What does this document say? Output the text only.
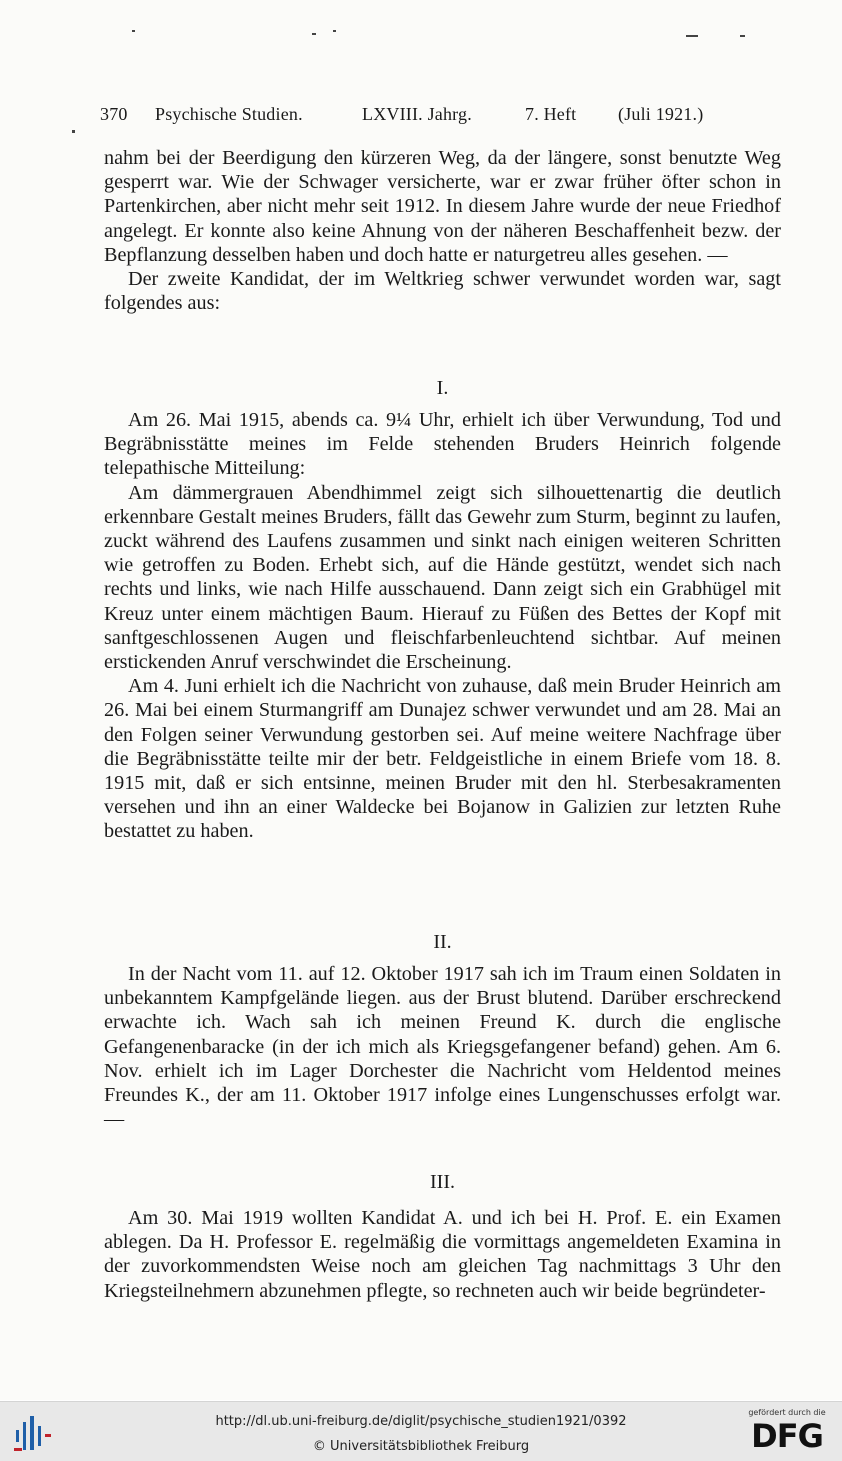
370 Psychische Studien.	LXVIII. Jahrg.	7. Heft (Juli 1921.)

nahm bei der Beerdigung den kürzeren Weg, da der längere, sonst benutzte Weg gesperrt war. Wie der Schwager versicherte, war er zwar früher öfter schon in Partenkirchen, aber nicht mehr seit 1912. In diesem Jahre wurde der neue Friedhof angelegt. Er konnte also keine Ahnung von der näheren Beschaffenheit bezw. der Bepflanzung desselben haben und doch hatte er naturgetreu alles gesehen. —

Der zweite Kandidat, der im Weltkrieg schwer verwundet worden war, sagt folgendes aus:

I.

Am 26. Mai 1915, abends ca. 9¼ Uhr, erhielt ich über Verwundung, Tod und Begräbnisstätte meines im Felde stehenden Bruders Heinrich folgende telepathische Mitteilung:

Am dämmergrauen Abendhimmel zeigt sich silhouettenartig die deutlich erkennbare Gestalt meines Bruders, fällt das Gewehr zum Sturm, beginnt zu laufen, zuckt während des Laufens zusammen und sinkt nach einigen weiteren Schritten wie getroffen zu Boden. Erhebt sich, auf die Hände gestützt, wendet sich nach rechts und links, wie nach Hilfe ausschauend. Dann zeigt sich ein Grabhügel mit Kreuz unter einem mächtigen Baum. Hierauf zu Füßen des Bettes der Kopf mit sanftgeschlossenen Augen und fleischfarbenleuchtend sichtbar. Auf meinen erstickenden Anruf verschwindet die Erscheinung.

Am 4. Juni erhielt ich die Nachricht von zuhause, daß mein Bruder Heinrich am 26. Mai bei einem Sturmangriff am Dunajez schwer verwundet und am 28. Mai an den Folgen seiner Verwundung gestorben sei. Auf meine weitere Nachfrage über die Begräbnisstätte teilte mir der betr. Feldgeistliche in einem Briefe vom 18. 8. 1915 mit, daß er sich entsinne, meinen Bruder mit den hl. Sterbesakramenten versehen und ihn an einer Waldecke bei Bojanow in Galizien zur letzten Ruhe bestattet zu haben.

II.

In der Nacht vom 11. auf 12. Oktober 1917 sah ich im Traum einen Soldaten in unbekanntem Kampfgelände liegen. aus der Brust blutend. Darüber erschreckend erwachte ich. Wach sah ich meinen Freund K. durch die englische Gefangenenbaracke (in der ich mich als Kriegsgefangener befand) gehen. Am 6. Nov. erhielt ich im Lager Dorchester die Nachricht vom Heldentod meines Freundes K., der am 11. Oktober 1917 infolge eines Lungenschusses erfolgt war. —

III.

Am 30. Mai 1919 wollten Kandidat A. und ich bei H. Prof. E. ein Examen ablegen. Da H. Professor E. regelmäßig die vormittags angemeldeten Examina in der zuvorkommendsten Weise noch am gleichen Tag nachmittags 3 Uhr den Kriegsteilnehmern abzunehmen pflegte, so rechneten auch wir beide begründeter-

http://dl.ub.uni-freiburg.de/diglit/psychische_studien1921/0392
© Universitätsbibliothek Freiburg
gefördert durch die
DFG
